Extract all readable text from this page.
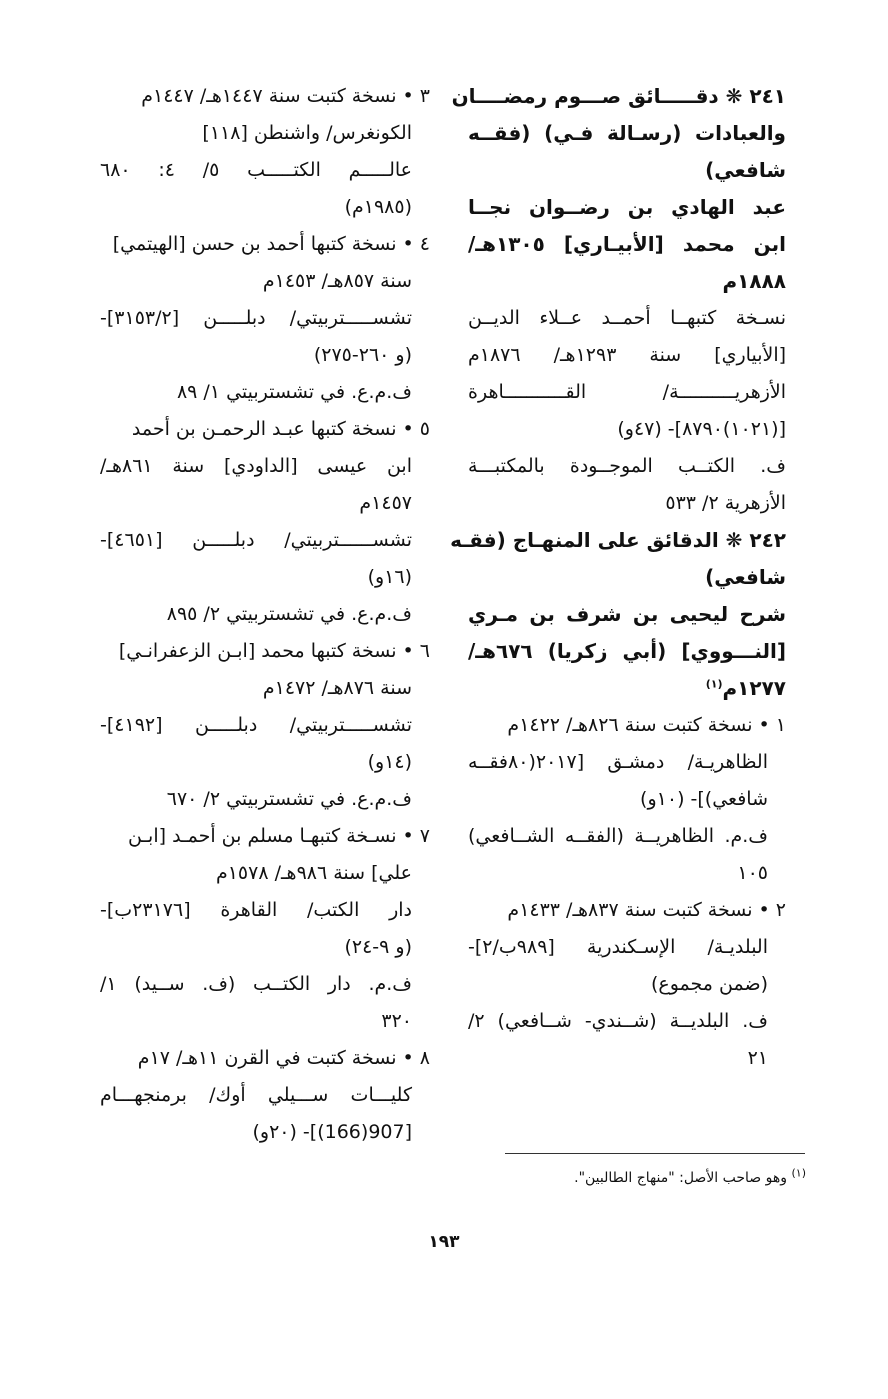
٢٤١ ❋ دقـــــائق صـــوم رمضــــان
والعبادات (رسـالة فـي) (فقــه
شافعي)
عبد الهادي بن رضــوان نجــا
ابن محمد [الأبيـاري] ١٣٠٥هـ/
١٨٨٨م
نسـخة كتبهــا أحمــد عــلاء الديــن
[الأبياري] سنة ١٢٩٣هـ/ ١٨٧٦م
الأزهريــــــــــة/ القـــــــــــاهرة
[(١٠٢١)٨٧٩٠]- (٤٧و)
ف. الكتــب الموجــودة بالمكتبـــة
الأزهرية ٢/ ٥٣٣
٢٤٢ ❋ الدقائق على المنهـاج (فقـه
شافعي)
شرح ليحيى بن شرف بن مـري
[النـــووي] (أبي زكريا) ٦٧٦هـ/
١٢٧٧م$^{(١)}$
١ • نسخة كتبت سنة ٨٢٦هـ/ ١٤٢٢م
الظاهريـة/ دمشـق [٢٠١٧(٨٠فقــه
شافعي)]- (١٠و)
ف.م. الظاهريــة (الفقــه الشــافعي)
١٠٥
٢ • نسخة كتبت سنة ٨٣٧هـ/ ١٤٣٣م
البلديـة/ الإسـكندرية [٩٨٩ب/٢]-
(ضمن مجموع)
ف. البلديــة (شــندي- شــافعي) ٢/
٢١
٣ • نسخة كتبت سنة ١٤٤٧هـ/ ١٤٤٧م
الكونغرس/ واشنطن [١١٨]
عالـــــم الكتـــــب ٥/ ٤: ٦٨٠
(١٩٨٥م)
٤ • نسخة كتبها أحمد بن حسن [الهيتمي]
سنة ٨٥٧هـ/ ١٤٥٣م
تشســـــتربيتي/ دبلـــــن [٣١٥٣/٢]-
(و ٢٦٠-٢٧٥)
ف.م.ع. في تشستربيتي ١/ ٨٩
٥ • نسخة كتبها عبـد الرحمـن بن أحمد
ابن عيسى [الداودي] سنة ٨٦١هـ/
١٤٥٧م
تشســــــتربيتي/ دبلـــــن [٤٦٥١]-
(١٦و)
ف.م.ع. في تشستربيتي ٢/ ٨٩٥
٦ • نسخة كتبها محمد [ابـن الزعفرانـي]
سنة ٨٧٦هـ/ ١٤٧٢م
تشســـــتربيتي/ دبلـــــن [٤١٩٢]-
(١٤و)
ف.م.ع. في تشستربيتي ٢/ ٦٧٠
٧ • نسـخة كتبهـا مسلم بن أحمـد [ابـن
علي] سنة ٩٨٦هـ/ ١٥٧٨م
دار الكتب/ القاهرة [٢٣١٧٦ب]-
(و ٩-٢٤)
ف.م. دار الكتــب (ف. ســيد) ١/
٣٢٠
٨ • نسخة كتبت في القرن ١١هـ/ ١٧م
كليـــات ســـيلي أوك/ برمنجهـــام
[907(166)]- (٢٠و)
$^{(١)}$ وهو صاحب الأصل: "منهاج الطالبين".
١٩٣
